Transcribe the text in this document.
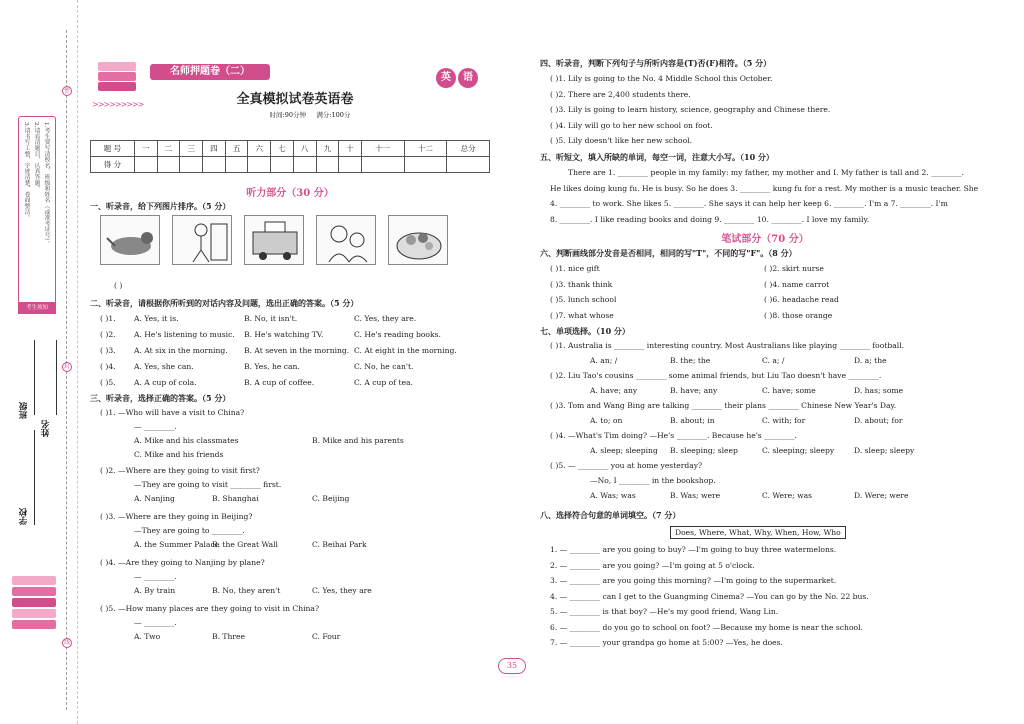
密
封
线
1.考生要写清校名、班级和姓名（或准考证号）。
2.请看清题目，认真答题。
3.请书写工整，字迹清楚，卷面整洁。
考生须知
学校
班级
姓名
名师押题卷（二）
>>>>>>>>>
英	语
全真模拟试卷英语卷
时间:90分钟 满分:100分
题 号	一	二	三	四	五	六	七	八	九	十	十一	十二	总分
得 分													
听力部分（30 分）
一、听录音，给下列图片排序。（5 分）
( )
二、听录音，请根据你所听到的对话内容及问题，选出正确的答案。（5 分）
( )1. A. Yes, it is.	B. No, it isn't.	C. Yes, they are.
( )2. A. He's listening to music. B. He's watching TV.	C. He's reading books.
( )3. A. At six in the morning. B. At seven in the morning. C. At eight in the morning.
( )4. A. Yes, she can.	B. Yes, he can.	C. No, he can't.
( )5. A. A cup of cola.	B. A cup of coffee.	C. A cup of tea.
三、听录音，选择正确的答案。（5 分）
( )1. —Who will have a visit to China?
— ________.
A. Mike and his classmates	B. Mike and his parents
C. Mike and his friends
( )2. —Where are they going to visit first?
—They are going to visit ________ first.
A. Nanjing	B. Shanghai	C. Beijing
( )3. —Where are they going in Beijing?
—They are going to ________.
A. the Summer Palace
B. the Great Wall	C. Beihai Park
( )4. —Are they going to Nanjing by plane?
— ________.
A. By train	B. No, they aren't	C. Yes, they are
( )5. —How many places are they going to visit in China?
— ________.
A. Two	B. Three	C. Four
四、听录音，判断下列句子与所听内容是(T)否(F)相符。（5 分）
( )1. Lily is going to the No. 4 Middle School this October.
( )2. There are 2,400 students there.
( )3. Lily is going to learn history, science, geography and Chinese there.
( )4. Lily will go to her new school on foot.
( )5. Lily doesn't like her new school.
五、听短文，填入所缺的单词，每空一词，注意大小写。（10 分）
There are 1. ________ people in my family: my father, my mother and I. My father is tall and 2. ________.
He likes doing kung fu. He is busy. So he does 3. ________ kung fu for a rest. My mother is a music teacher. She
4. ________ to work. She likes 5. ________. She says it can help her keep 6. ________. I'm a 7. ________. I'm
8. ________. I like reading books and doing 9. ________ 10. ________. I love my family.
笔试部分（70 分）
六、判断画线部分发音是否相同，相同的写"T"，不同的写"F"。（8 分）
( )1. nice gift	( )2. skirt nurse
( )3. thank think	( )4. name carrot
( )5. lunch school	( )6. headache read
( )7. what whose	( )8. those orange
七、单项选择。（10 分）
( )1. Australia is ________ interesting country. Most Australians like playing ________ football.
A. an; /	B. the; the	C. a; /	D. a; the
( )2. Liu Tao's cousins ________ some animal friends, but Liu Tao doesn't have ________.
A. have; any	B. have; any	C. have; some	D. has; some
( )3. Tom and Wang Bing are talking ________ their plans ________ Chinese New Year's Day.
A. to; on	B. about; in	C. with; for	D. about; for
( )4. —What's Tim doing? —He's ________. Because he's ________.
A. sleep; sleeping B. sleeping; sleep	C. sleeping; sleepy	D. sleep; sleepy
( )5. — ________ you at home yesterday?
—No, I ________ in the bookshop.
A. Was; was	B. Was; were	C. Were; was	D. Were; were
八、选择符合句意的单词填空。（7 分）
Does, Where, What, Why, When, How, Who
1. — ________ are you going to buy? —I'm going to buy three watermelons.
2. — ________ are you going? —I'm going at 5 o'clock.
3. — ________ are you going this morning? —I'm going to the supermarket.
4. — ________ can I get to the Guangming Cinema? —You can go by the No. 22 bus.
5. — ________ is that boy? —He's my good friend, Wang Lin.
6. — ________ do you go to school on foot? —Because my home is near the school.
7. — ________ your grandpa go home at 5:00? —Yes, he does.
35
